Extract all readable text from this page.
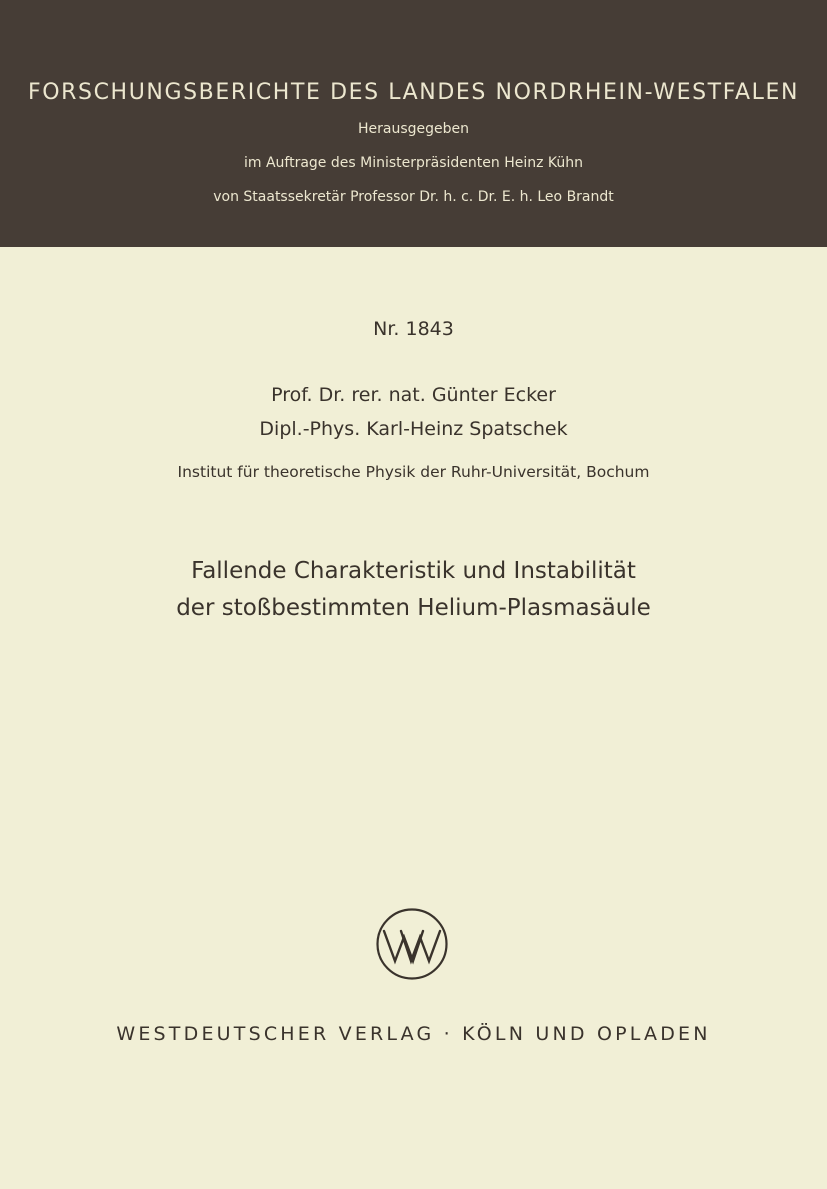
FORSCHUNGSBERICHTE DES LANDES NORDRHEIN-WESTFALEN
Herausgegeben
im Auftrage des Ministerpräsidenten Heinz Kühn
von Staatssekretär Professor Dr. h. c. Dr. E. h. Leo Brandt
Nr. 1843
Prof. Dr. rer. nat. Günter Ecker
Dipl.-Phys. Karl-Heinz Spatschek
Institut für theoretische Physik der Ruhr-Universität, Bochum
Fallende Charakteristik und Instabilität
der stoßbestimmten Helium-Plasmasäule
WESTDEUTSCHER VERLAG · KÖLN UND OPLADEN
